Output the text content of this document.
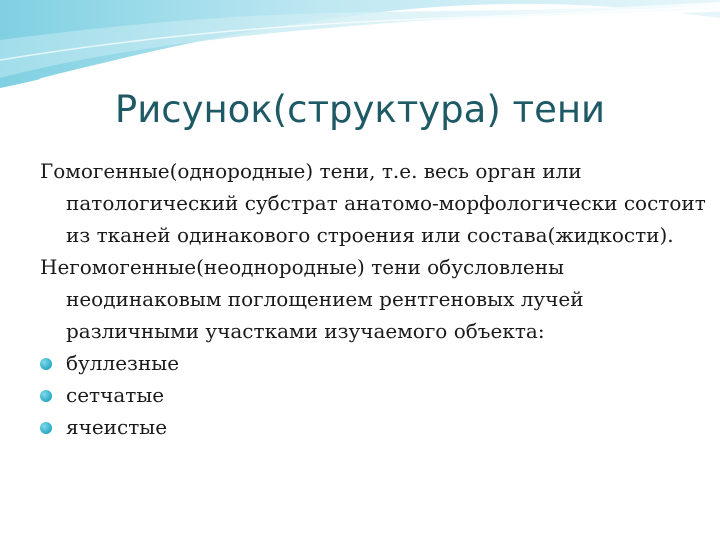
Рисунок(структура) тени

Гомогенные(однородные) тени, т.е. весь орган или патологический субстрат анатомо-морфологически состоит из тканей одинакового строения или состава(жидкости).

Негомогенные(неоднородные) тени обусловлены неодинаковым поглощением рентгеновых лучей различными участками изучаемого объекта:

буллезные
сетчатые
ячеистые
